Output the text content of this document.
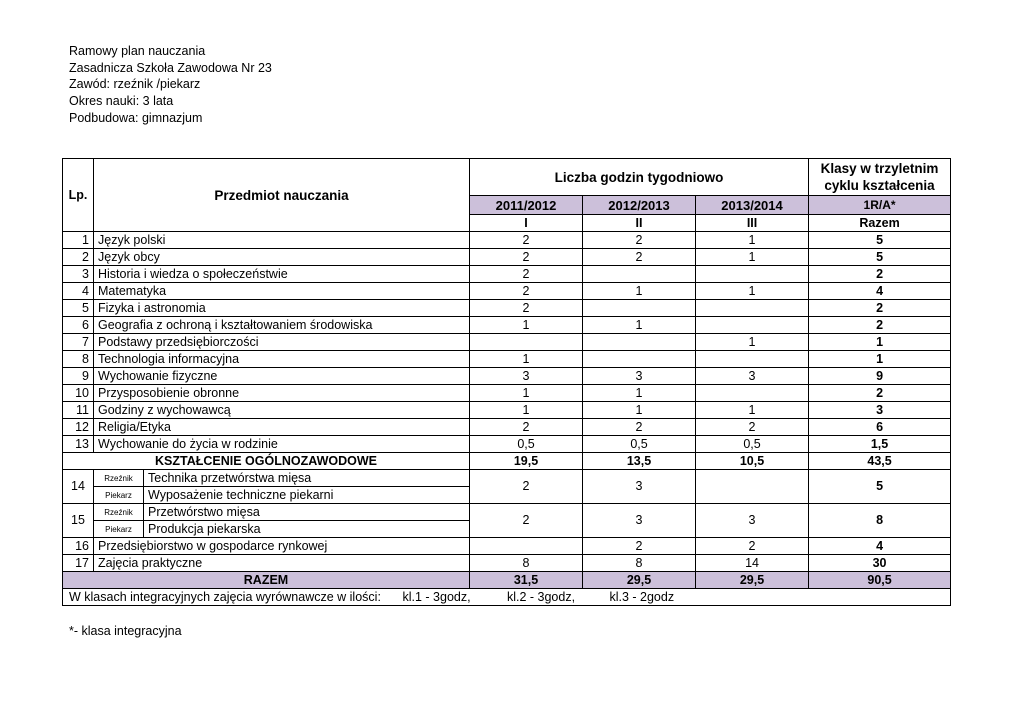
Ramowy plan nauczania
Zasadnicza Szkoła Zawodowa Nr 23
Zawód: rzeźnik /piekarz
Okres nauki: 3 lata
Podbudowa: gimnazjum
Lp.	Przedmiot nauczania		Liczba godzin tygodniowo			Klasy w trzyletnim cyklu kształcenia
			2011/2012	2012/2013	2013/2014	1R/A*
			I	II	III	Razem
1	Język polski		2	2	1	5
2	Język obcy		2	2	1	5
3	Historia i wiedza o społeczeństwie		2			2
4	Matematyka		2	1	1	4
5	Fizyka i astronomia		2			2
6	Geografia z ochroną i kształtowaniem środowiska		1	1		2
7	Podstawy przedsiębiorczości				1	1
8	Technologia informacyjna		1			1
9	Wychowanie fizyczne		3	3	3	9
10	Przysposobienie obronne		1	1		2
11	Godziny z wychowawcą		1	1	1	3
12	Religia/Etyka		2	2	2	6
13	Wychowanie do życia w rodzinie		0,5	0,5	0,5	1,5
KSZTAŁCENIE OGÓLNOZAWODOWE			19,5	13,5	10,5	43,5
14	Rzeźnik	Technika przetwórstwa mięsa	2	3		5
	Piekarz	Wyposażenie techniczne piekarni				
15	Rzeźnik	Przetwórstwo mięsa	2	3	3	8
	Piekarz	Produkcja piekarska				
16	Przedsiębiorstwo w gospodarce rynkowej			2	2	4
17	Zajęcia praktyczne		8	8	14	30
RAZEM			31,5	29,5	29,5	90,5
W klasach integracyjnych zajęcia wyrównawcze w ilości: kl.1 - 3godz, kl.2 - 3godz, kl.3 - 2godz						
*- klasa integracyjna
